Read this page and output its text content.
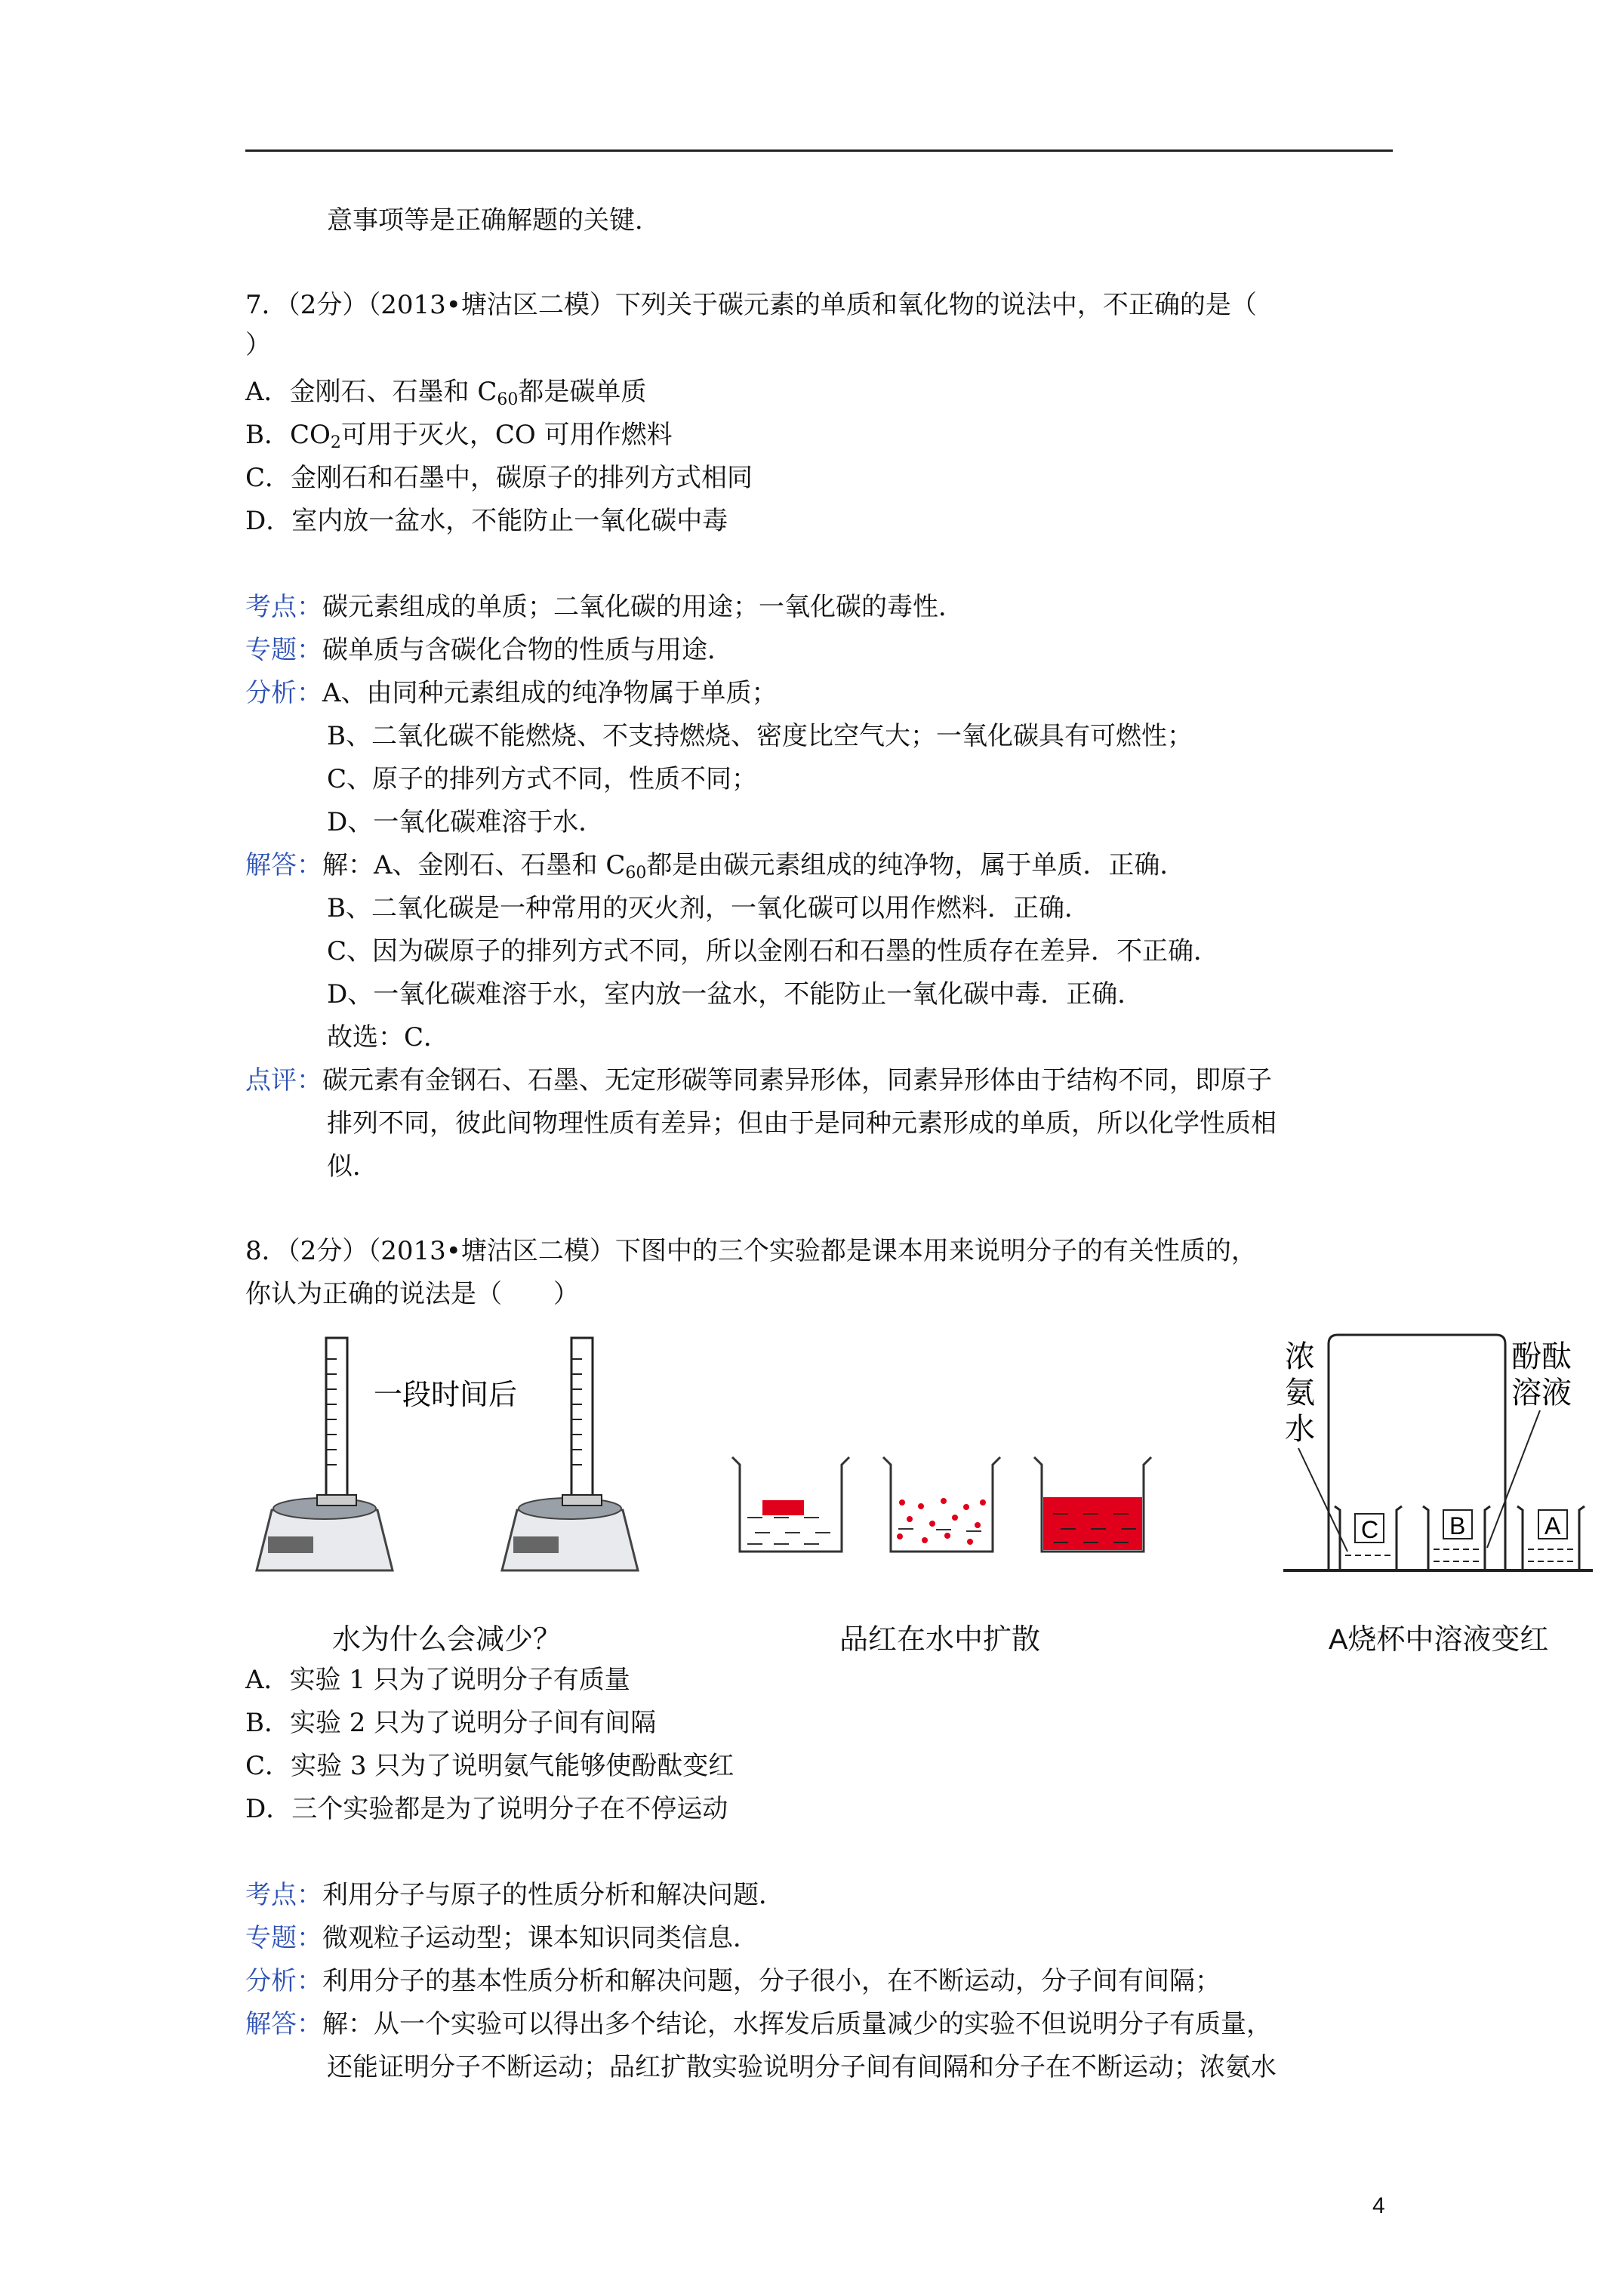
意事项等是正确解题的关键．
7．（2分）（2013•塘沽区二模）下列关于碳元素的单质和氧化物的说法中，不正确的是（
）
A．金刚石、石墨和 $C_{60}$都是碳单质
B．$CO_2$可用于灭火，CO 可用作燃料
C．金刚石和石墨中，碳原子的排列方式相同
D．室内放一盆水，不能防止一氧化碳中毒
考点：碳元素组成的单质；二氧化碳的用途；一氧化碳的毒性．
专题：碳单质与含碳化合物的性质与用途．
分析：A、由同种元素组成的纯净物属于单质；
B、二氧化碳不能燃烧、不支持燃烧、密度比空气大；一氧化碳具有可燃性；
C、原子的排列方式不同，性质不同；
D、一氧化碳难溶于水．
解答：解：A、金刚石、石墨和 $C_{60}$都是由碳元素组成的纯净物，属于单质．正确．
B、二氧化碳是一种常用的灭火剂，一氧化碳可以用作燃料．正确．
C、因为碳原子的排列方式不同，所以金刚石和石墨的性质存在差异．不正确．
D、一氧化碳难溶于水，室内放一盆水，不能防止一氧化碳中毒．正确．
故选：C．
点评：碳元素有金钢石、石墨、无定形碳等同素异形体，同素异形体由于结构不同，即原子
排列不同，彼此间物理性质有差异；但由于是同种元素形成的单质，所以化学性质相
似．
8．（2分）（2013•塘沽区二模）下图中的三个实验都是课本用来说明分子的有关性质的，
你认为正确的说法是（　　）
一段时间后
浓
氨
水
酚酞
溶液
C	B	A
水为什么会减少？	品红在水中扩散	A烧杯中溶液变红
A．实验 1 只为了说明分子有质量
B．实验 2 只为了说明分子间有间隔
C．实验 3 只为了说明氨气能够使酚酞变红
D．三个实验都是为了说明分子在不停运动
考点：利用分子与原子的性质分析和解决问题．
专题：微观粒子运动型；课本知识同类信息．
分析：利用分子的基本性质分析和解决问题，分子很小，在不断运动，分子间有间隔；
解答：解：从一个实验可以得出多个结论，水挥发后质量减少的实验不但说明分子有质量，
还能证明分子不断运动；品红扩散实验说明分子间有间隔和分子在不断运动；浓氨水
4
